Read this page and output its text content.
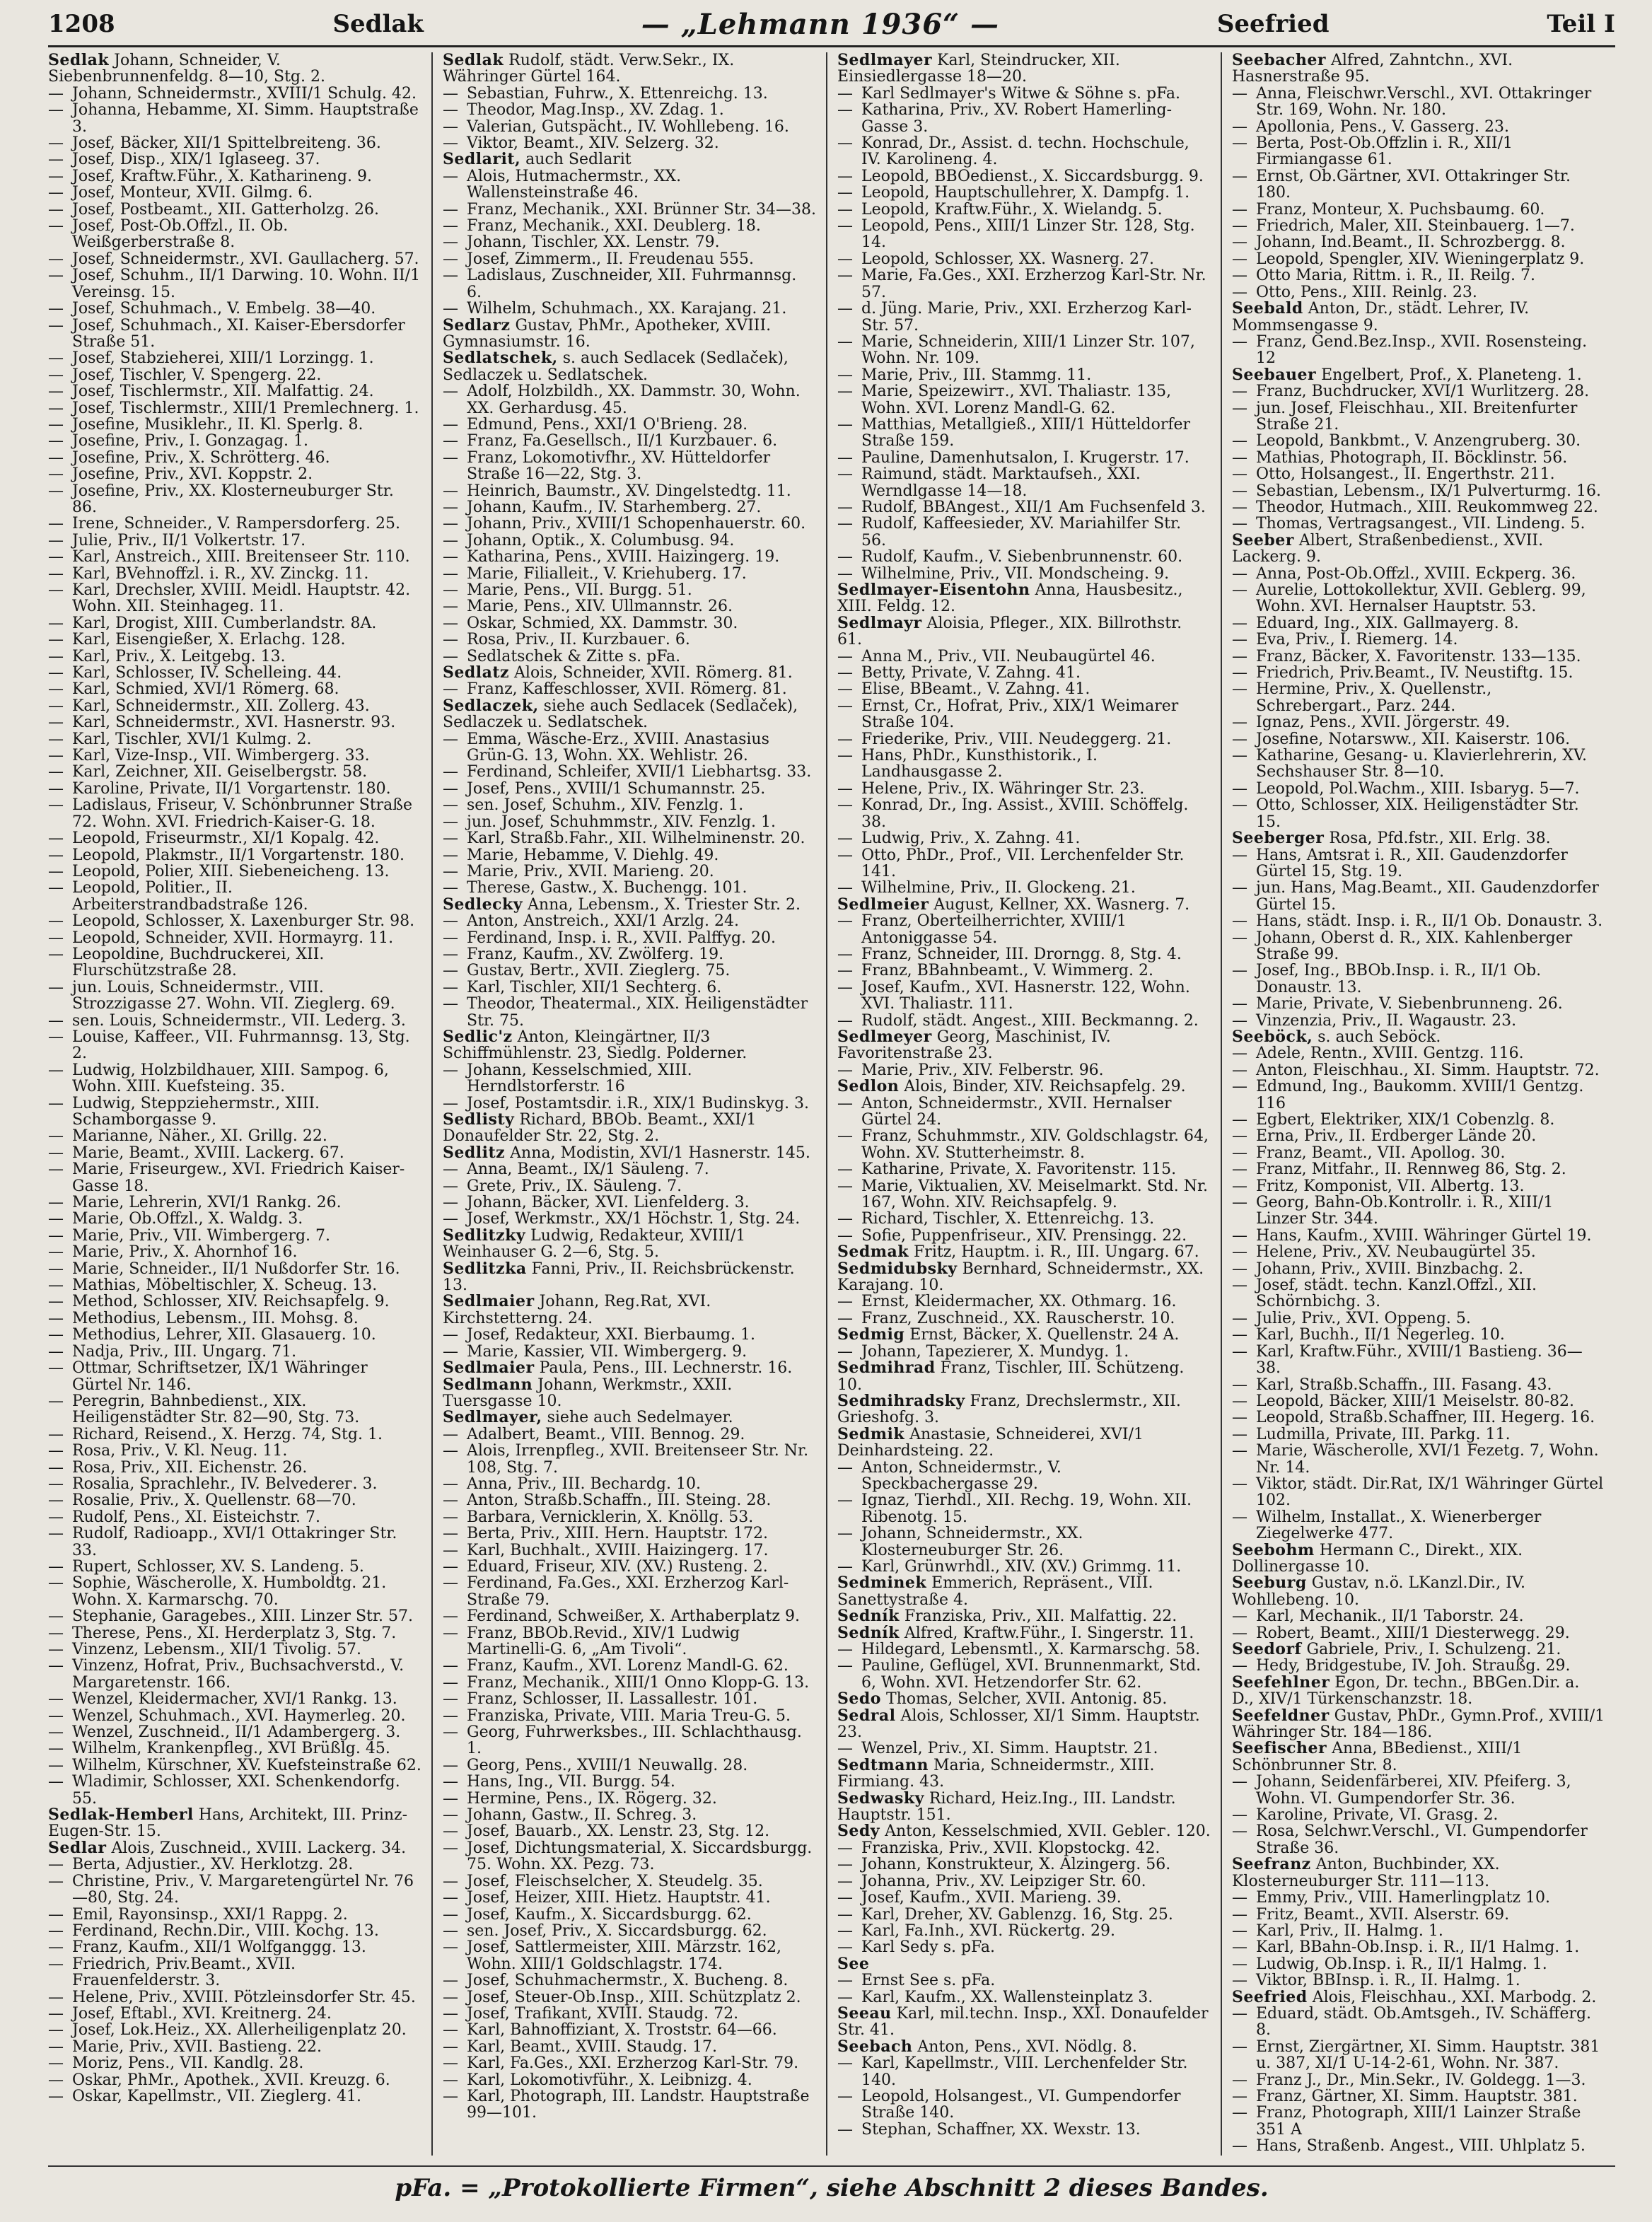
1208	Sedlak	— „Lehmann 1936“ —	Seefried	Teil I
Sedlak Johann, Schneider, V. Siebenbrunnenfeldg. 8—10, Stg. 2.
— Johann, Schneidermstr., XVIII/1 Schulg. 42.
— Johanna, Hebamme, XI. Simm. Hauptstraße 3.
— Josef, Bäcker, XII/1 Spittelbreiteng. 36.
— Josef, Disp., XIX/1 Iglaseeg. 37.
— Josef, Kraftw.Führ., X. Katharineng. 9.
— Josef, Monteur, XVII. Gilmg. 6.
— Josef, Postbeamt., XII. Gatterholzg. 26.
— Josef, Post-Ob.Offzl., II. Ob. Weißgerberstraße 8.
— Josef, Schneidermstr., XVI. Gaullacherg. 57.
— Josef, Schuhm., II/1 Darwing. 10. Wohn. II/1 Vereinsg. 15.
— Josef, Schuhmach., V. Embelg. 38—40.
— Josef, Schuhmach., XI. Kaiser-Ebersdorfer Straße 51.
— Josef, Stabzieherei, XIII/1 Lorzingg. 1.
— Josef, Tischler, V. Spengerg. 22.
— Josef, Tischlermstr., XII. Malfattig. 24.
— Josef, Tischlermstr., XIII/1 Premlechnerg. 1.
— Josefine, Musiklehr., II. Kl. Sperlg. 8.
— Josefine, Priv., I. Gonzagag. 1.
— Josefine, Priv., X. Schrötterg. 46.
— Josefine, Priv., XVI. Koppstr. 2.
— Josefine, Priv., XX. Klosterneuburger Str. 86.
— Irene, Schneider., V. Rampersdorferg. 25.
— Julie, Priv., II/1 Volkertstr. 17.
— Karl, Anstreich., XIII. Breitenseer Str. 110.
— Karl, BVehnoffzl. i. R., XV. Zinckg. 11.
— Karl, Drechsler, XVIII. Meidl. Hauptstr. 42. Wohn. XII. Steinhageg. 11.
— Karl, Drogist, XIII. Cumberlandstr. 8A.
— Karl, Eisengießer, X. Erlachg. 128.
— Karl, Priv., X. Leitgebg. 13.
— Karl, Schlosser, IV. Schelleing. 44.
— Karl, Schmied, XVI/1 Römerg. 68.
— Karl, Schneidermstr., XII. Zollerg. 43.
— Karl, Schneidermstr., XVI. Hasnerstr. 93.
— Karl, Tischler, XVI/1 Kulmg. 2.
— Karl, Vize-Insp., VII. Wimbergerg. 33.
— Karl, Zeichner, XII. Geiselbergstr. 58.
— Karoline, Private, II/1 Vorgartenstr. 180.
— Ladislaus, Friseur, V. Schönbrunner Straße 72. Wohn. XVI. Friedrich-Kaiser-G. 18.
— Leopold, Friseurmstr., XI/1 Kopalg. 42.
— Leopold, Plakmstr., II/1 Vorgartenstr. 180.
— Leopold, Polier, XIII. Siebeneicheng. 13.
— Leopold, Politier., II. Arbeiterstrandbadstraße 126.
— Leopold, Schlosser, X. Laxenburger Str. 98.
— Leopold, Schneider, XVII. Hormayrg. 11.
— Leopoldine, Buchdruckerei, XII. Flurschützstraße 28.
— jun. Louis, Schneidermstr., VIII. Strozzigasse 27. Wohn. VII. Zieglerg. 69.
— sen. Louis, Schneidermstr., VII. Lederg. 3.
— Louise, Kaffeer., VII. Fuhrmannsg. 13, Stg. 2.
— Ludwig, Holzbildhauer, XIII. Sampog. 6, Wohn. XIII. Kuefsteing. 35.
— Ludwig, Steppziehermstr., XIII. Schamborgasse 9.
— Marianne, Näher., XI. Grillg. 22.
— Marie, Beamt., XVIII. Lackerg. 67.
— Marie, Friseurgew., XVI. Friedrich Kaiser-Gasse 18.
— Marie, Lehrerin, XVI/1 Rankg. 26.
— Marie, Ob.Offzl., X. Waldg. 3.
— Marie, Priv., VII. Wimbergerg. 7.
— Marie, Priv., X. Ahornhof 16.
— Marie, Schneider., II/1 Nußdorfer Str. 16.
— Mathias, Möbeltischler, X. Scheug. 13.
— Method, Schlosser, XIV. Reichsapfelg. 9.
— Methodius, Lebensm., III. Mohsg. 8.
— Methodius, Lehrer, XII. Glasauerg. 10.
— Nadja, Priv., III. Ungarg. 71.
— Ottmar, Schriftsetzer, IX/1 Währinger Gürtel Nr. 146.
— Peregrin, Bahnbedienst., XIX. Heiligenstädter Str. 82—90, Stg. 73.
— Richard, Reisend., X. Herzg. 74, Stg. 1.
— Rosa, Priv., V. Kl. Neug. 11.
— Rosa, Priv., XII. Eichenstr. 26.
— Rosalia, Sprachlehr., IV. Belvederег. 3.
— Rosalie, Priv., X. Quellenstr. 68—70.
— Rudolf, Pens., XI. Eisteichstr. 7.
— Rudolf, Radioapp., XVI/1 Ottakringer Str. 33.
— Rupert, Schlosser, XV. S. Landeng. 5.
— Sophie, Wäscherolle, X. Humboldtg. 21. Wohn. X. Karmarschg. 70.
— Stephanie, Garagebes., XIII. Linzer Str. 57.
— Therese, Pens., XI. Herderplatz 3, Stg. 7.
— Vinzenz, Lebensm., XII/1 Tivolig. 57.
— Vinzenz, Hofrat, Priv., Buchsachverstd., V. Margaretenstr. 166.
— Wenzel, Kleidermacher, XVI/1 Rankg. 13.
— Wenzel, Schuhmach., XVI. Haymerleg. 20.
— Wenzel, Zuschneid., II/1 Adambergerg. 3.
— Wilhelm, Krankenpfleg., XVI Brüßlg. 45.
— Wilhelm, Kürschner, XV. Kuefsteinstraße 62.
— Wladimir, Schlosser, XXI. Schenkendorfg. 55.
Sedlak-Hemberl Hans, Architekt, III. Prinz-Eugen-Str. 15.
Sedlar Alois, Zuschneid., XVIII. Lackerg. 34.
— Berta, Adjustier., XV. Herklotzg. 28.
— Christine, Priv., V. Margaretengürtel Nr. 76—80, Stg. 24.
— Emil, Rayonsinsp., XXI/1 Rappg. 2.
— Ferdinand, Rechn.Dir., VIII. Kochg. 13.
— Franz, Kaufm., XII/1 Wolfganggg. 13.
— Friedrich, Priv.Beamt., XVII. Frauenfelderstr. 3.
— Helene, Priv., XVIII. Pötzleinsdorfer Str. 45.
— Josef, Eftabl., XVI. Kreitnerg. 24.
— Josef, Lok.Heiz., XX. Allerheiligenplatz 20.
— Marie, Priv., XVII. Bastieng. 22.
— Moriz, Pens., VII. Kandlg. 28.
— Oskar, PhMr., Apothek., XVII. Kreuzg. 6.
— Oskar, Kapellmstr., VII. Zieglerg. 41.
Sedlak Rudolf, städt. Verw.Sekr., IX. Währinger Gürtel 164.
— Sebastian, Fuhrw., X. Ettenreichg. 13.
— Theodor, Mag.Insp., XV. Zdag. 1.
— Valerian, Gutspächt., IV. Wohllebeng. 16.
— Viktor, Beamt., XIV. Selzerg. 32.
Sedlarit, auch Sedlarit
— Alois, Hutmachermstr., XX. Wallensteinstraße 46.
— Franz, Mechanik., XXI. Brünner Str. 34—38.
— Franz, Mechanik., XXI. Deublerg. 18.
— Johann, Tischler, XX. Lenstr. 79.
— Josef, Zimmerm., II. Freudenau 555.
— Ladislaus, Zuschneider, XII. Fuhrmannsg. 6.
— Wilhelm, Schuhmach., XX. Karajang. 21.
Sedlarz Gustav, PhMr., Apotheker, XVIII. Gymnasiumstr. 16.
Sedlatschek, s. auch Sedlacek (Sedlaček), Sedlaczek u. Sedlatschek.
— Adolf, Holzbildh., XX. Dammstr. 30, Wohn. XX. Gerhardusg. 45.
— Edmund, Pens., XXI/1 O'Brieng. 28.
— Franz, Fa.Gesellsch., II/1 Kurzbaueг. 6.
— Franz, Lokomotivfhr., XV. Hütteldorfer Straße 16—22, Stg. 3.
— Heinrich, Baumstr., XV. Dingelstedtg. 11.
— Johann, Kaufm., IV. Starhemberg. 27.
— Johann, Priv., XVIII/1 Schopenhauerstr. 60.
— Johann, Optik., X. Columbusg. 94.
— Katharina, Pens., XVIII. Haizingerg. 19.
— Marie, Filialleit., V. Kriehuberg. 17.
— Marie, Pens., VII. Burgg. 51.
— Marie, Pens., XIV. Ullmannstr. 26.
— Oskar, Schmied, XX. Dammstr. 30.
— Rosa, Priv., II. Kurzbaueг. 6.
— Sedlatschek & Zitte s. pFa.
Sedlatz Alois, Schneider, XVII. Römerg. 81.
— Franz, Kaffeschlosser, XVII. Römerg. 81.
Sedlaczek, siehe auch Sedlacek (Sedlaček), Sedlaczek u. Sedlatschek.
— Emma, Wäsche-Erz., XVIII. Anastasius Grün-G. 13, Wohn. XX. Wehlistr. 26.
— Ferdinand, Schleifer, XVII/1 Liebhartsg. 33.
— Josef, Pens., XVIII/1 Schumannstr. 25.
— sen. Josef, Schuhm., XIV. Fenzlg. 1.
— jun. Josef, Schuhmmstr., XIV. Fenzlg. 1.
— Karl, Straßb.Fahr., XII. Wilhelminenstr. 20.
— Marie, Hebamme, V. Diehlg. 49.
— Marie, Priv., XVII. Marieng. 20.
— Therese, Gastw., X. Buchengg. 101.
Sedlecky Anna, Lebensm., X. Triester Str. 2.
— Anton, Anstreich., XXI/1 Arzlg. 24.
— Ferdinand, Insp. i. R., XVII. Palffyg. 20.
— Franz, Kaufm., XV. Zwölferg. 19.
— Gustav, Bertr., XVII. Zieglerg. 75.
— Karl, Tischler, XII/1 Sechterg. 6.
— Theodor, Theatermal., XIX. Heiligenstädter Str. 75.
Sedlic'z Anton, Kleingärtner, II/3 Schiffmühlenstr. 23, Siedlg. Polderner.
— Johann, Kesselschmied, XIII. Herndlstorferstr. 16
— Josef, Postamtsdir. i.R., XIX/1 Budinskyg. 3.
Sedlisty Richard, BBOb. Beamt., XXI/1 Donaufelder Str. 22, Stg. 2.
Sedlitz Anna, Modistin, XVI/1 Hasnerstr. 145.
— Anna, Beamt., IX/1 Säuleng. 7.
— Grete, Priv., IX. Säuleng. 7.
— Johann, Bäcker, XVI. Lienfelderg. 3.
— Josef, Werkmstr., XX/1 Höchstr. 1, Stg. 24.
Sedlitzky Ludwig, Redakteur, XVIII/1 Weinhauser G. 2—6, Stg. 5.
Sedlitzka Fanni, Priv., II. Reichsbrückenstr. 13.
Sedlmaier Johann, Reg.Rat, XVI. Kirchstetterng. 24.
— Josef, Redakteur, XXI. Bierbaumg. 1.
— Marie, Kassier, VII. Wimbergerg. 9.
Sedlmaier Paula, Pens., III. Lechnerstr. 16.
Sedlmann Johann, Werkmstr., XXII. Tuersgasse 10.
Sedlmayer, siehe auch Sedelmayer.
— Adalbert, Beamt., VIII. Bennog. 29.
— Alois, Irrenpfleg., XVII. Breitenseer Str. Nr. 108, Stg. 7.
— Anna, Priv., III. Bechardg. 10.
— Anton, Straßb.Schaffn., III. Steing. 28.
— Barbara, Vernicklerin, X. Knöllg. 53.
— Berta, Priv., XIII. Hern. Hauptstr. 172.
— Karl, Buchhalt., XVIII. Haizingerg. 17.
— Eduard, Friseur, XIV. (XV.) Rusteng. 2.
— Ferdinand, Fa.Ges., XXI. Erzherzog Karl-Straße 79.
— Ferdinand, Schweißer, X. Arthaberplatz 9.
— Franz, BBOb.Revid., XIV/1 Ludwig Martinelli-G. 6, „Am Tivoli“.
— Franz, Kaufm., XVI. Lorenz Mandl-G. 62.
— Franz, Mechanik., XIII/1 Onno Klopp-G. 13.
— Franz, Schlosser, II. Lassallestr. 101.
— Franziska, Private, VIII. Maria Treu-G. 5.
— Georg, Fuhrwerksbes., III. Schlachthausg. 1.
— Georg, Pens., XVIII/1 Neuwallg. 28.
— Hans, Ing., VII. Burgg. 54.
— Hermine, Pens., IX. Rögerg. 32.
— Johann, Gastw., II. Schreg. 3.
— Josef, Bauarb., XX. Lenstr. 23, Stg. 12.
— Josef, Dichtungsmaterial, X. Siccardsburgg. 75. Wohn. XX. Pezg. 73.
— Josef, Fleischselcher, X. Steudelg. 35.
— Josef, Heizer, XIII. Hietz. Hauptstr. 41.
— Josef, Kaufm., X. Siccardsburgg. 62.
— sen. Josef, Priv., X. Siccardsburgg. 62.
— Josef, Sattlermeister, XIII. Märzstr. 162, Wohn. XIII/1 Goldschlagstr. 174.
— Josef, Schuhmachermstr., X. Bucheng. 8.
— Josef, Steuer-Ob.Insp., XIII. Schützplatz 2.
— Josef, Trafikant, XVIII. Staudg. 72.
— Karl, Bahnoffiziant, X. Troststr. 64—66.
— Karl, Beamt., XVIII. Staudg. 17.
— Karl, Fa.Ges., XXI. Erzherzog Karl-Str. 79.
— Karl, Lokomotivführ., X. Leibnizg. 4.
— Karl, Photograph, III. Landstr. Hauptstraße 99—101.
Sedlmayer Karl, Steindrucker, XII. Einsiedlergasse 18—20.
— Karl Sedlmayer's Witwe & Söhne s. pFa.
— Katharina, Priv., XV. Robert Hamerling-Gasse 3.
— Konrad, Dr., Assist. d. techn. Hochschule, IV. Karolineng. 4.
— Leopold, BBOedienst., X. Siccardsburgg. 9.
— Leopold, Hauptschullehrer, X. Dampfg. 1.
— Leopold, Kraftw.Führ., X. Wielandg. 5.
— Leopold, Pens., XIII/1 Linzer Str. 128, Stg. 14.
— Leopold, Schlosser, XX. Wasnerg. 27.
— Marie, Fa.Ges., XXI. Erzherzog Karl-Str. Nr. 57.
— d. Jüng. Marie, Priv., XXI. Erzherzog Karl-Str. 57.
— Marie, Schneiderin, XIII/1 Linzer Str. 107, Wohn. Nr. 109.
— Marie, Priv., III. Stammg. 11.
— Marie, Speizewirт., XVI. Thaliastr. 135, Wohn. XVI. Lorenz Mandl-G. 62.
— Matthias, Metallgieß., XIII/1 Hütteldorfer Straße 159.
— Pauline, Damenhutsalon, I. Krugerstr. 17.
— Raimund, städt. Marktaufseh., XXI. Werndlgasse 14—18.
— Rudolf, BBAngest., XII/1 Am Fuchsenfeld 3.
— Rudolf, Kaffeesieder, XV. Mariahilfer Str. 56.
— Rudolf, Kaufm., V. Siebenbrunnenstr. 60.
— Wilhelmine, Priv., VII. Mondscheing. 9.
Sedlmayer-Eisentohn Anna, Hausbesitz., XIII. Feldg. 12.
Sedlmayr Aloisia, Pfleger., XIX. Billrothstr. 61.
— Anna M., Priv., VII. Neubaugürtel 46.
— Betty, Private, V. Zahng. 41.
— Elise, BBeamt., V. Zahng. 41.
— Ernst, Cr., Hofrat, Priv., XIX/1 Weimarer Straße 104.
— Friederike, Priv., VIII. Neudeggerg. 21.
— Hans, PhDr., Kunsthistorik., I. Landhausgasse 2.
— Helene, Priv., IX. Währinger Str. 23.
— Konrad, Dr., Ing. Assist., XVIII. Schöffelg. 38.
— Ludwig, Priv., X. Zahng. 41.
— Otto, PhDr., Prof., VII. Lerchenfelder Str. 141.
— Wilhelmine, Priv., II. Glockeng. 21.
Sedlmeier August, Kellner, XX. Wasnerg. 7.
— Franz, Oberteilherrichter, XVIII/1 Antoniggasse 54.
— Franz, Schneider, III. Drorngg. 8, Stg. 4.
— Franz, BBahnbeamt., V. Wimmerg. 2.
— Josef, Kaufm., XVI. Hasnerstr. 122, Wohn. XVI. Thaliastr. 111.
— Rudolf, städt. Angest., XIII. Beckmanng. 2.
Sedlmeyer Georg, Maschinist, IV. Favoritenstraße 23.
— Marie, Priv., XIV. Felberstr. 96.
Sedlon Alois, Binder, XIV. Reichsapfelg. 29.
— Anton, Schneidermstr., XVII. Hernalser Gürtel 24.
— Franz, Schuhmmstr., XIV. Goldschlagstr. 64, Wohn. XV. Stutterheimstr. 8.
— Katharine, Private, X. Favoritenstr. 115.
— Marie, Viktualien, XV. Meiselmarkt. Std. Nr. 167, Wohn. XIV. Reichsapfelg. 9.
— Richard, Tischler, X. Ettenreichg. 13.
— Sofie, Puppenfriseur., XIV. Prensingg. 22.
Sedmak Fritz, Hauptm. i. R., III. Ungarg. 67.
Sedmidubsky Bernhard, Schneidermstr., XX. Karajang. 10.
— Ernst, Kleidermacher, XX. Othmarg. 16.
— Franz, Zuschneid., XX. Rauscherstr. 10.
Sedmig Ernst, Bäcker, X. Quellenstr. 24 A.
— Johann, Tapezierer, X. Mundyg. 1.
Sedmihrad Franz, Tischler, III. Schützeng. 10.
Sedmihradsky Franz, Drechslermstr., XII. Grieshofg. 3.
Sedmik Anastasie, Schneiderei, XVI/1 Deinhardsteing. 22.
— Anton, Schneidermstr., V. Speckbachergasse 29.
— Ignaz, Tierhdl., XII. Rechg. 19, Wohn. XII. Ribenotg. 15.
— Johann, Schneidermstr., XX. Klosterneuburger Str. 26.
— Karl, Grünwrhdl., XIV. (XV.) Grimmg. 11.
Sedminek Emmerich, Repräsent., VIII. Sanettystraße 4.
Sedník Franziska, Priv., XII. Malfattig. 22.
Sedník Alfred, Kraftw.Führ., I. Singerstr. 11.
— Hildegard, Lebensmtl., X. Karmarschg. 58.
— Pauline, Geflügel, XVI. Brunnenmarkt, Std. 6, Wohn. XVI. Hetzendorfer Str. 62.
Sedo Thomas, Selcher, XVII. Antonig. 85.
Sedral Alois, Schlosser, XI/1 Simm. Hauptstr. 23.
— Wenzel, Priv., XI. Simm. Hauptstr. 21.
Sedtmann Maria, Schneidermstr., XIII. Firmiang. 43.
Sedwasky Richard, Heiz.Ing., III. Landstr. Hauptstr. 151.
Sedy Anton, Kesselschmied, XVII. Gebleг. 120.
— Franziska, Priv., XVII. Klopstockg. 42.
— Johann, Konstrukteur, X. Alzingerg. 56.
— Johanna, Priv., XV. Leipziger Str. 60.
— Josef, Kaufm., XVII. Marieng. 39.
— Karl, Dreher, XV. Gablenzg. 16, Stg. 25.
— Karl, Fa.Inh., XVI. Rückertg. 29.
— Karl Sedy s. pFa.
See
— Ernst See s. pFa.
— Karl, Kaufm., XX. Wallensteinplatz 3.
Seeau Karl, mil.techn. Insp., XXI. Donaufelder Str. 41.
Seebach Anton, Pens., XVI. Nödlg. 8.
— Karl, Kapellmstr., VIII. Lerchenfelder Str. 140.
— Leopold, Holsangest., VI. Gumpendorfer Straße 140.
— Stephan, Schaffner, XX. Wexstr. 13.
Seebacher Alfred, Zahntchn., XVI. Hasnerstraße 95.
— Anna, Fleischwr.Verschl., XVI. Ottakringer Str. 169, Wohn. Nr. 180.
— Apollonia, Pens., V. Gasserg. 23.
— Berta, Post-Ob.Offzlin i. R., XII/1 Firmiangasse 61.
— Ernst, Ob.Gärtner, XVI. Ottakringer Str. 180.
— Franz, Monteur, X. Puchsbaumg. 60.
— Friedrich, Maler, XII. Steinbauerg. 1—7.
— Johann, Ind.Beamt., II. Schrozbergg. 8.
— Leopold, Spengler, XIV. Wieningerplatz 9.
— Otto Maria, Rittm. i. R., II. Reilg. 7.
— Otto, Pens., XIII. Reinlg. 23.
Seebald Anton, Dr., städt. Lehrer, IV. Mommsengasse 9.
— Franz, Gend.Bez.Insp., XVII. Rosensteing. 12
Seebauer Engelbert, Prof., X. Planeteng. 1.
— Franz, Buchdrucker, XVI/1 Wurlitzerg. 28.
— jun. Josef, Fleischhau., XII. Breitenfurter Straße 21.
— Leopold, Bankbmt., V. Anzengruberg. 30.
— Mathias, Photograph, II. Böcklinstr. 56.
— Otto, Holsangest., II. Engerthstr. 211.
— Sebastian, Lebensm., IX/1 Pulverturmg. 16.
— Theodor, Hutmach., XIII. Reukommweg 22.
— Thomas, Vertragsangest., VII. Lindeng. 5.
Seeber Albert, Straßenbedienst., XVII. Lackerg. 9.
— Anna, Post-Ob.Offzl., XVIII. Eckperg. 36.
— Aurelie, Lottokollektur, XVII. Geblerg. 99, Wohn. XVI. Hernalser Hauptstr. 53.
— Eduard, Ing., XIX. Gallmayerg. 8.
— Eva, Priv., I. Riemerg. 14.
— Franz, Bäcker, X. Favoritenstr. 133—135.
— Friedrich, Priv.Beamt., IV. Neustiftg. 15.
— Hermine, Priv., X. Quellenstr., Schrebergart., Parz. 244.
— Ignaz, Pens., XVII. Jörgerstr. 49.
— Josefine, Notarsww., XII. Kaiserstr. 106.
— Katharine, Gesang- u. Klavierlehrerin, XV. Sechshauser Str. 8—10.
— Leopold, Pol.Wachm., XIII. Isbaryg. 5—7.
— Otto, Schlosser, XIX. Heiligenstädter Str. 15.
Seeberger Rosa, Pfd.fstr., XII. Erlg. 38.
— Hans, Amtsrat i. R., XII. Gaudenzdorfer Gürtel 15, Stg. 19.
— jun. Hans, Mag.Beamt., XII. Gaudenzdorfer Gürtel 15.
— Hans, städt. Insp. i. R., II/1 Ob. Donaustr. 3.
— Johann, Oberst d. R., XIX. Kahlenberger Straße 99.
— Josef, Ing., BBOb.Insp. i. R., II/1 Ob. Donaustr. 13.
— Marie, Private, V. Siebenbrunneng. 26.
— Vinzenzia, Priv., II. Wagaustr. 23.
Seeböck, s. auch Seböck.
— Adele, Rentn., XVIII. Gentzg. 116.
— Anton, Fleischhau., XI. Simm. Hauptstr. 72.
— Edmund, Ing., Baukomm. XVIII/1 Gentzg. 116
— Egbert, Elektriker, XIX/1 Cobenzlg. 8.
— Erna, Priv., II. Erdberger Lände 20.
— Franz, Beamt., VII. Apollog. 30.
— Franz, Mitfahr., II. Rennweg 86, Stg. 2.
— Fritz, Komponist, VII. Albertg. 13.
— Georg, Bahn-Ob.Kontrollr. i. R., XIII/1 Linzer Str. 344.
— Hans, Kaufm., XVIII. Währinger Gürtel 19.
— Helene, Priv., XV. Neubaugürtel 35.
— Johann, Priv., XVIII. Binzbachg. 2.
— Josef, städt. techn. Kanzl.Offzl., XII. Schörnbichg. 3.
— Julie, Priv., XVI. Oppeng. 5.
— Karl, Buchh., II/1 Negerleg. 10.
— Karl, Kraftw.Führ., XVIII/1 Bastieng. 36—38.
— Karl, Straßb.Schaffn., III. Fasang. 43.
— Leopold, Bäcker, XIII/1 Meiselstr. 80-82.
— Leopold, Straßb.Schaffner, III. Hegerg. 16.
— Ludmilla, Private, III. Parkg. 11.
— Marie, Wäscherolle, XVI/1 Fezetg. 7, Wohn. Nr. 14.
— Viktor, städt. Dir.Rat, IX/1 Währinger Gürtel 102.
— Wilhelm, Installat., X. Wienerberger Ziegelwerke 477.
Seebohm Hermann C., Direkt., XIX. Dollinergasse 10.
Seeburg Gustav, n.ö. LKanzl.Dir., IV. Wohllebeng. 10.
— Karl, Mechanik., II/1 Taborstr. 24.
— Robert, Beamt., XIII/1 Diesterwegg. 29.
Seedorf Gabriele, Priv., I. Schulzeng. 21.
— Hedy, Bridgestube, IV. Joh. Straußg. 29.
Seefehlner Egon, Dr. techn., BBGen.Dir. a. D., XIV/1 Türkenschanzstr. 18.
Seefeldner Gustav, PhDr., Gymn.Prof., XVIII/1 Währinger Str. 184—186.
Seefischer Anna, BBedienst., XIII/1 Schönbrunner Str. 8.
— Johann, Seidenfärberei, XIV. Pfeiferg. 3, Wohn. VI. Gumpendorfer Str. 36.
— Karoline, Private, VI. Grasg. 2.
— Rosa, Selchwr.Verschl., VI. Gumpendorfer Straße 36.
Seefranz Anton, Buchbinder, XX. Klosterneuburger Str. 111—113.
— Emmy, Priv., VIII. Hamerlingplatz 10.
— Fritz, Beamt., XVII. Alserstr. 69.
— Karl, Priv., II. Halmg. 1.
— Karl, BBahn-Ob.Insp. i. R., II/1 Halmg. 1.
— Ludwig, Ob.Insp. i. R., II/1 Halmg. 1.
— Viktor, BBInsp. i. R., II. Halmg. 1.
Seefried Alois, Fleischhau., XXI. Marbodg. 2.
— Eduard, städt. Ob.Amtsgeh., IV. Schäfferg. 8.
— Ernst, Ziergärtner, XI. Simm. Hauptstr. 381 u. 387, XI/1 U-14-2-61, Wohn. Nr. 387.
— Franz J., Dr., Min.Sekr., IV. Goldegg. 1—3.
— Franz, Gärtner, XI. Simm. Hauptstr. 381.
— Franz, Photograph, XIII/1 Lainzer Straße 351 A
— Hans, Straßenb. Angest., VIII. Uhlplatz 5.
pFa. = „Protokollierte Firmen“, siehe Abschnitt 2 dieses Bandes.
